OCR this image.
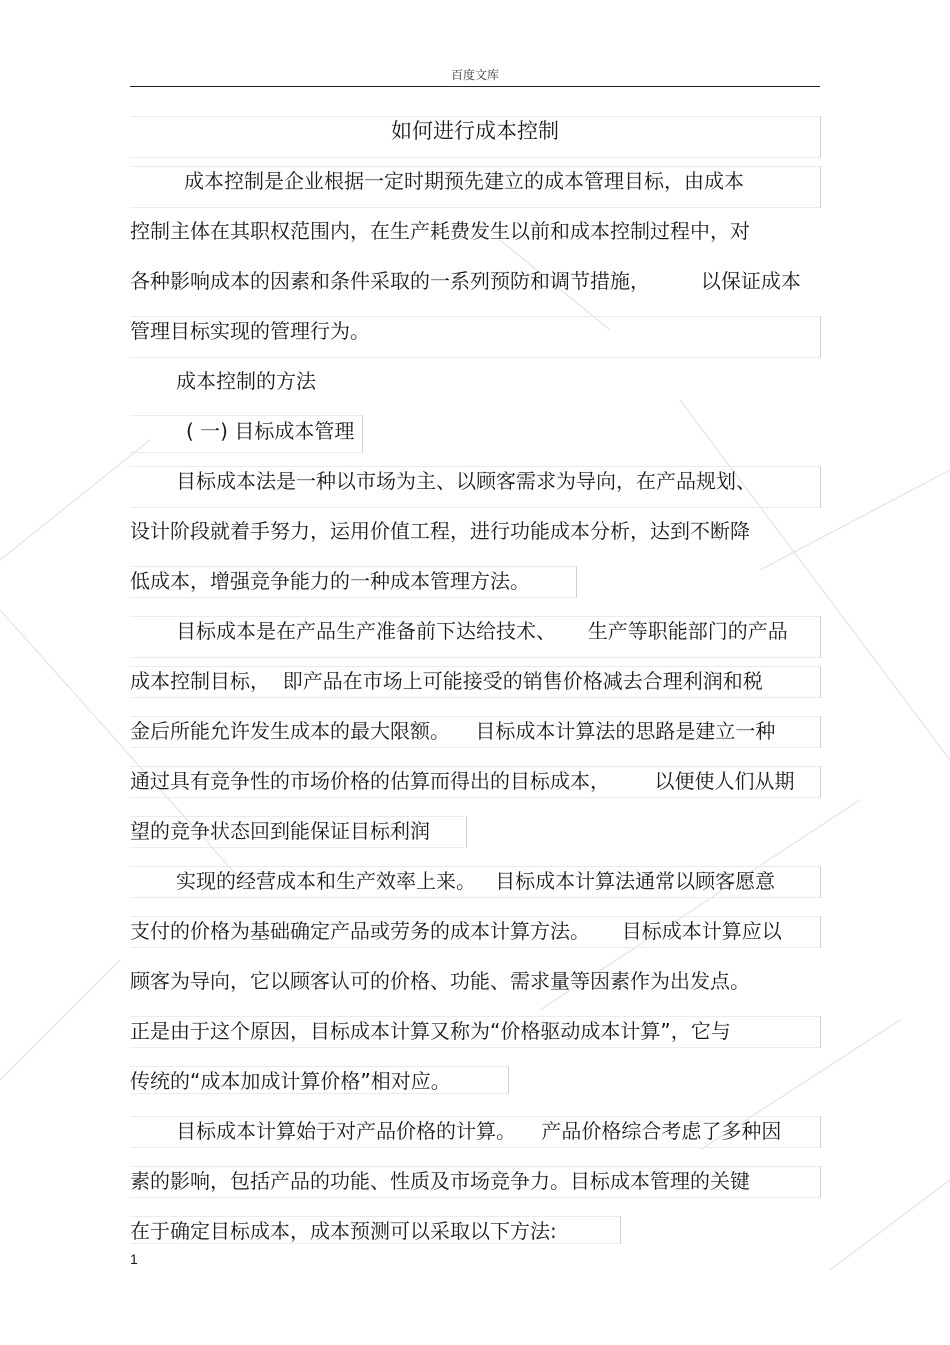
百度文库
如何进行成本控制
成本控制是企业根据一定时期预先建立的成本管理目标，由成本
控制主体在其职权范围内，在生产耗费发生以前和成本控制过程中，对
各种影响成本的因素和条件采取的一系列预防和调节措施，        以保证成本
管理目标实现的管理行为。
成本控制的方法
( 一) 目标成本管理
目标成本法是一种以市场为主、以顾客需求为导向，在产品规划、
设计阶段就着手努力，运用价值工程，进行功能成本分析，达到不断降
低成本，增强竞争能力的一种成本管理方法。
目标成本是在产品生产准备前下达给技术、     生产等职能部门的产品
成本控制目标，  即产品在市场上可能接受的销售价格减去合理利润和税
金后所能允许发生成本的最大限额。    目标成本计算法的思路是建立一种
通过具有竞争性的市场价格的估算而得出的目标成本，       以便使人们从期
望的竞争状态回到能保证目标利润
实现的经营成本和生产效率上来。   目标成本计算法通常以顾客愿意
支付的价格为基础确定产品或劳务的成本计算方法。     目标成本计算应以
顾客为导向，它以顾客认可的价格、功能、需求量等因素作为出发点。
正是由于这个原因，目标成本计算又称为“价格驱动成本计算”，它与
传统的“成本加成计算价格”相对应。
目标成本计算始于对产品价格的计算。    产品价格综合考虑了多种因
素的影响，包括产品的功能、性质及市场竞争力。目标成本管理的关键
在于确定目标成本，成本预测可以采取以下方法:
1
